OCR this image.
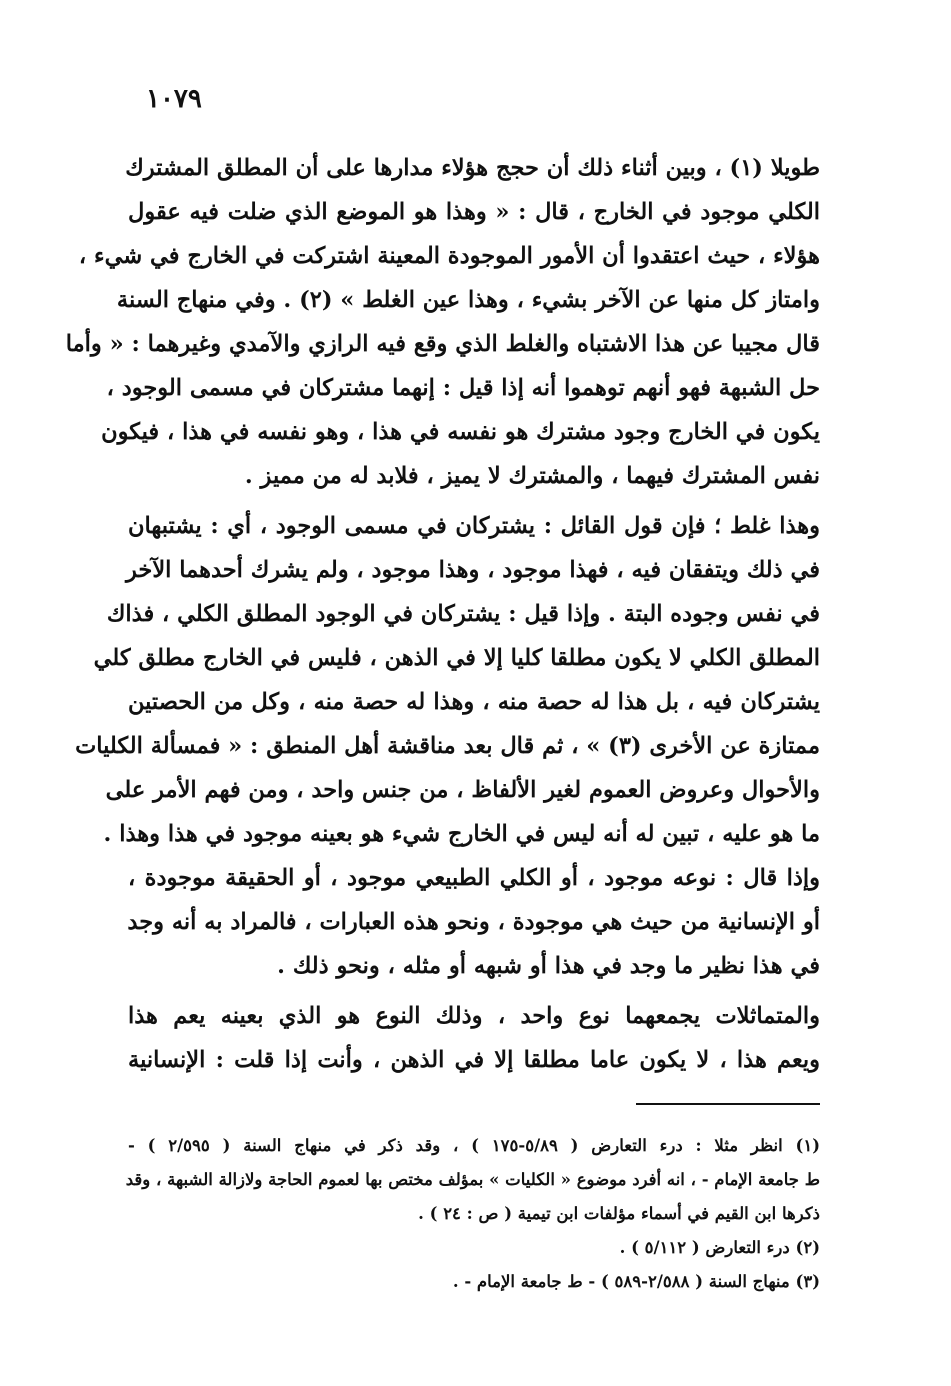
١٠٧٩
طويلا (١) ، وبين أثناء ذلك أن حجج هؤلاء مدارها على أن المطلق المشترك
الكلي موجود في الخارج ، قال : « وهذا هو الموضع الذي ضلت فيه عقول
هؤلاء ، حيث اعتقدوا أن الأمور الموجودة المعينة اشتركت في الخارج في شيء ،
وامتاز كل منها عن الآخر بشيء ، وهذا عين الغلط » (٢) . وفي منهاج السنة
قال مجيبا عن هذا الاشتباه والغلط الذي وقع فيه الرازي والآمدي وغيرهما : « وأما
حل الشبهة فهو أنهم توهموا أنه إذا قيل : إنهما مشتركان في مسمى الوجود ،
يكون في الخارج وجود مشترك هو نفسه في هذا ، وهو نفسه في هذا ، فيكون
نفس المشترك فيهما ، والمشترك لا يميز ، فلابد له من مميز .
وهذا غلط ؛ فإن قول القائل : يشتركان في مسمى الوجود ، أي : يشتبهان
في ذلك ويتفقان فيه ، فهذا موجود ، وهذا موجود ، ولم يشرك أحدهما الآخر
في نفس وجوده البتة . وإذا قيل : يشتركان في الوجود المطلق الكلي ، فذاك
المطلق الكلي لا يكون مطلقا كليا إلا في الذهن ، فليس في الخارج مطلق كلي
يشتركان فيه ، بل هذا له حصة منه ، وهذا له حصة منه ، وكل من الحصتين
ممتازة عن الأخرى (٣) » ، ثم قال بعد مناقشة أهل المنطق : « فمسألة الكليات
والأحوال وعروض العموم لغير الألفاظ ، من جنس واحد ، ومن فهم الأمر على
ما هو عليه ، تبين له أنه ليس في الخارج شيء هو بعينه موجود في هذا وهذا .
وإذا قال : نوعه موجود ، أو الكلي الطبيعي موجود ، أو الحقيقة موجودة ،
أو الإنسانية من حيث هي موجودة ، ونحو هذه العبارات ، فالمراد به أنه وجد
في هذا نظير ما وجد في هذا أو شبهه أو مثله ، ونحو ذلك .
والمتماثلات يجمعهما نوع واحد ، وذلك النوع هو الذي بعينه يعم هذا
ويعم هذا ، لا يكون عاما مطلقا إلا في الذهن ، وأنت إذا قلت : الإنسانية
(١) انظر مثلا : درء التعارض ( ٥/٨٩-١٧٥ ) ، وقد ذكر في منهاج السنة ( ٢/٥٩٥ ) -
ط جامعة الإمام - ، انه أفرد موضوع « الكليات » بمؤلف مختص بها لعموم الحاجة ولازالة الشبهة ، وقد
ذكرها ابن القيم في أسماء مؤلفات ابن تيمية ( ص : ٢٤ ) .
(٢) درء التعارض ( ٥/١١٢ ) .
(٣) منهاج السنة ( ٢/٥٨٨-٥٨٩ ) - ط جامعة الإمام - .
